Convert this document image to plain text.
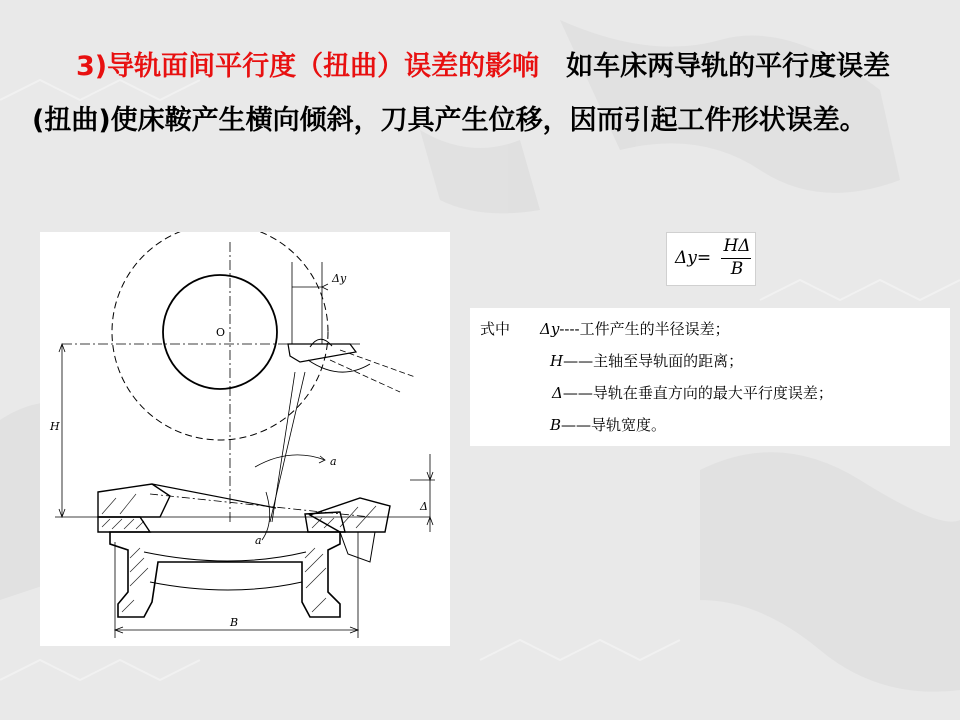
3)导轨面间平行度（扭曲）误差的影响　 如车床两导轨的平行度误差(扭曲)使床鞍产生横向倾斜，刀具产生位移，因而引起工件形状误差。

Δy
O
H
a
a
Δ
B
Δy=
HΔ
B
式中 Δy----工件产生的半径误差；
H——主轴至导轨面的距离；
Δ——导轨在垂直方向的最大平行度误差；
B——导轨宽度。
